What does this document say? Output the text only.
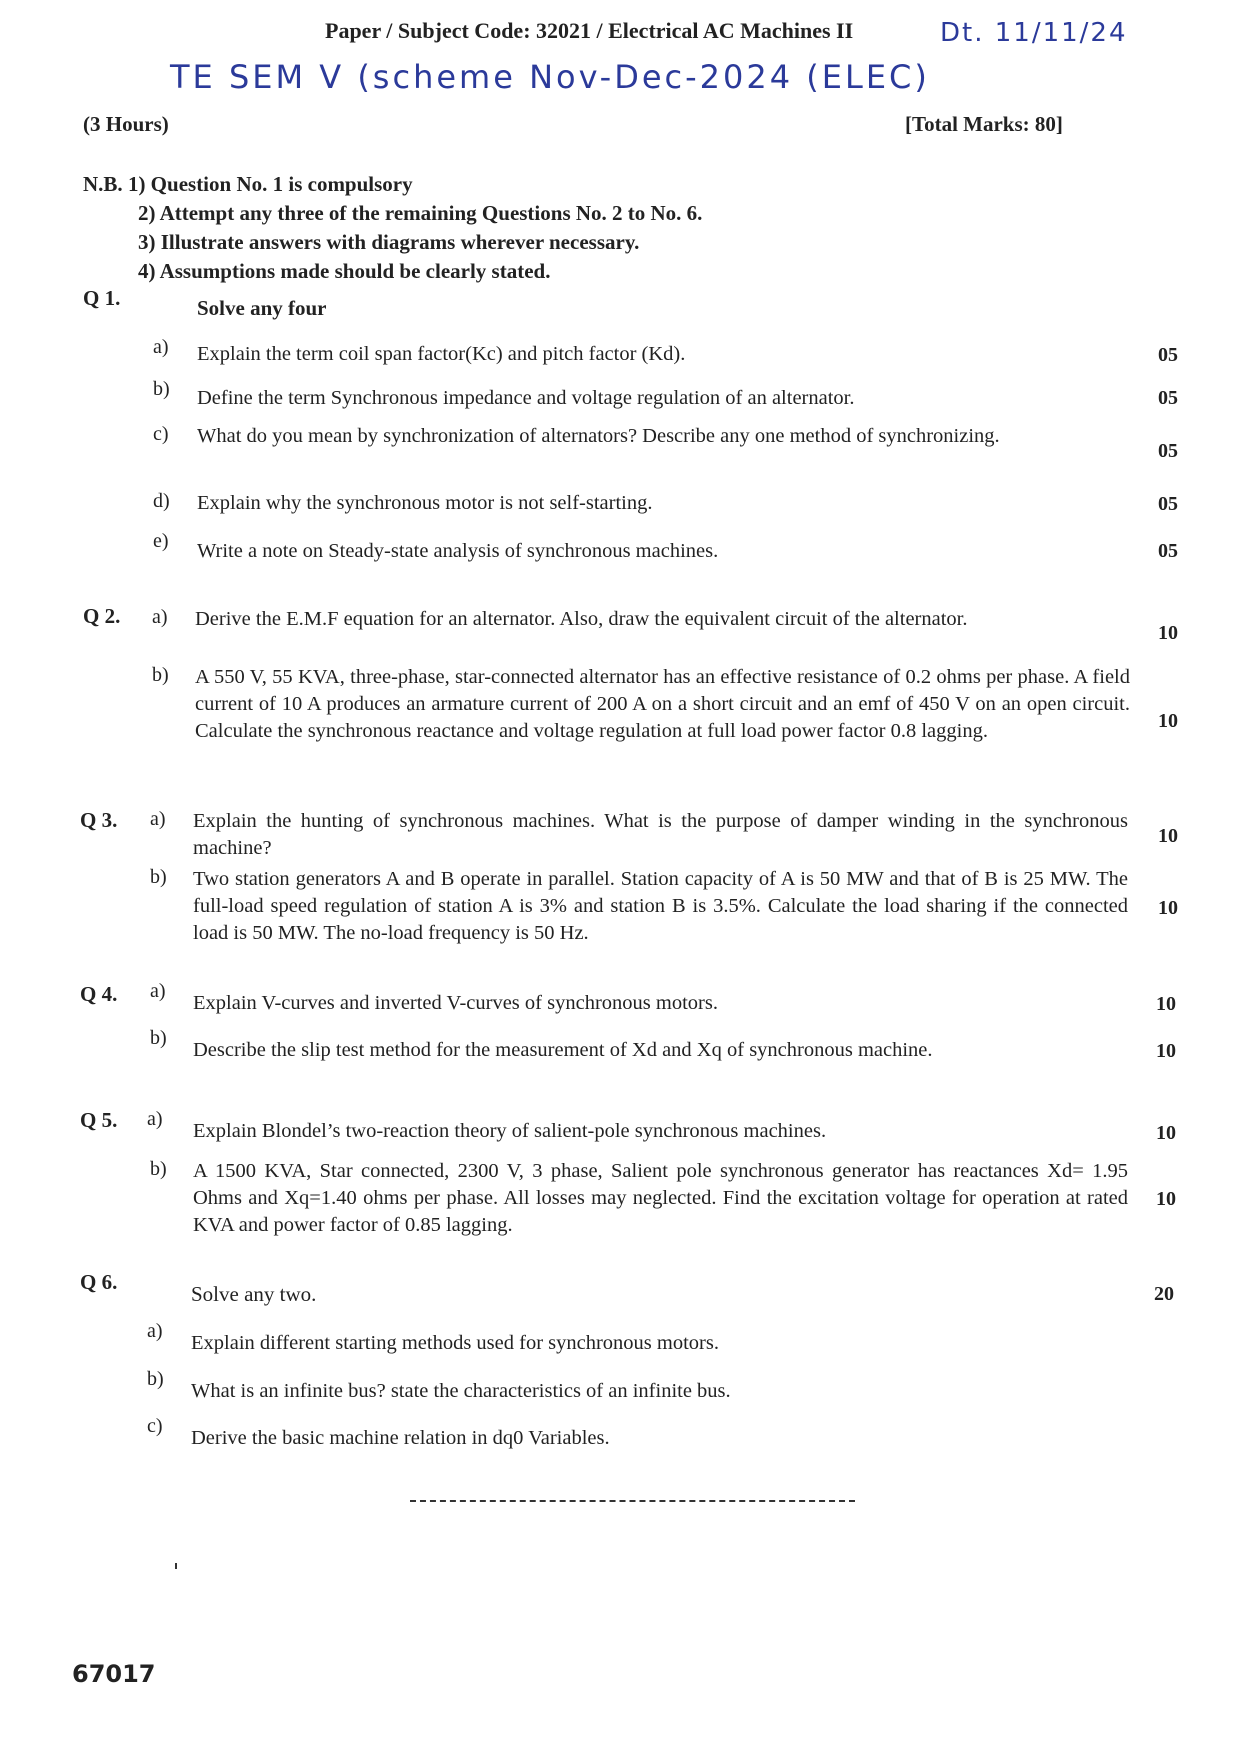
Paper / Subject Code: 32021 / Electrical AC Machines II	Dt. 11/11/24
TE SEM V (scheme Nov-Dec-2024 (ELEC)
(3 Hours)	[Total Marks: 80]
N.B. 1) Question No. 1 is compulsory
2) Attempt any three of the remaining Questions No. 2 to No. 6.
3) Illustrate answers with diagrams wherever necessary.
4) Assumptions made should be clearly stated.
Q 1.	Solve any four
a) Explain the term coil span factor(Kc) and pitch factor (Kd).	05
b) Define the term Synchronous impedance and voltage regulation of an alternator.	05
c) What do you mean by synchronization of alternators? Describe any one method of synchronizing.
05
d) Explain why the synchronous motor is not self-starting.	05
e) Write a note on Steady-state analysis of synchronous machines.	05
Q 2. a) Derive the E.M.F equation for an alternator. Also, draw the equivalent circuit of the alternator.
10
b) A 550 V, 55 KVA, three-phase, star-connected alternator has an effective resistance of 0.2 ohms per phase. A field current of 10 A produces an armature current of 200 A on a short circuit and an emf of 450 V on an open circuit. Calculate the synchronous reactance and voltage regulation at full load power factor 0.8 lagging.	10
Q 3. a) Explain the hunting of synchronous machines. What is the purpose of damper winding in the synchronous machine?
10
b) Two station generators A and B operate in parallel. Station capacity of A is 50 MW and that of B is 25 MW. The full-load speed regulation of station A is 3% and station B is 3.5%. Calculate the load sharing if the connected load is 50 MW. The no-load frequency is 50 Hz.
10
Q 4. a)
Explain V-curves and inverted V-curves of synchronous motors.	10
b)
Describe the slip test method for the measurement of Xd and Xq of synchronous machine.	10
Q 5. a)
Explain Blondel’s two-reaction theory of salient-pole synchronous machines.	10
b) A 1500 KVA, Star connected, 2300 V, 3 phase, Salient pole synchronous generator has reactances Xd= 1.95 Ohms and Xq=1.40 ohms per phase. All losses may neglected. Find the excitation voltage for operation at rated KVA and power factor of 0.85 lagging.
10
Q 6.	Solve any two.	20
a)
Explain different starting methods used for synchronous motors.
b)
What is an infinite bus? state the characteristics of an infinite bus.
c)
Derive the basic machine relation in dq0 Variables.
67017
